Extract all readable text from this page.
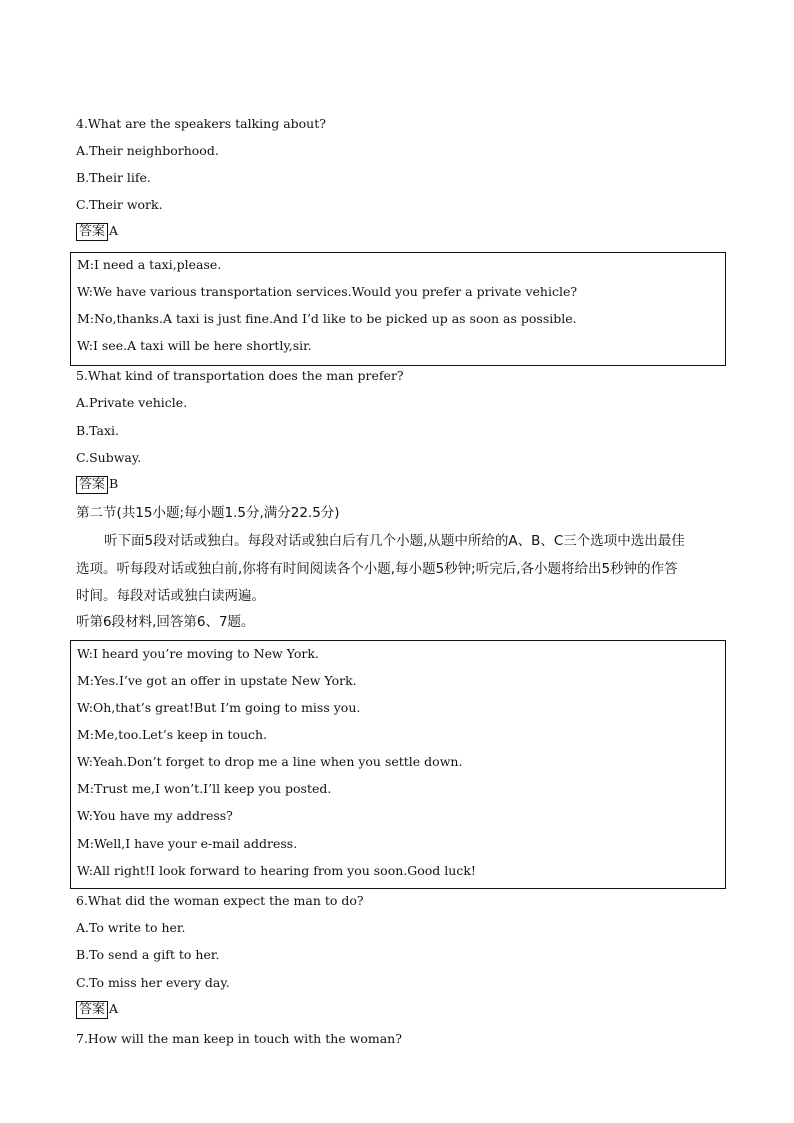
4.What are the speakers talking about?
A.Their neighborhood.
B.Their life.
C.Their work.
答案 A
M:I need a taxi,please.
W:We have various transportation services.Would you prefer a private vehicle?
M:No,thanks.A taxi is just fine.And I’d like to be picked up as soon as possible.
W:I see.A taxi will be here shortly,sir.
5.What kind of transportation does the man prefer?
A.Private vehicle.
B.Taxi.
C.Subway.
答案 B
第二节(共15小题;每小题1.5分,满分22.5分)
听下面5段对话或独白。每段对话或独白后有几个小题,从题中所给的A、B、C三个选项中选出最佳
选项。听每段对话或独白前,你将有时间阅读各个小题,每小题5秒钟;听完后,各小题将给出5秒钟的作答
时间。每段对话或独白读两遍。
听第6段材料,回答第6、7题。
W:I heard you’re moving to New York.
M:Yes.I’ve got an offer in upstate New York.
W:Oh,that’s great!But I’m going to miss you.
M:Me,too.Let’s keep in touch.
W:Yeah.Don’t forget to drop me a line when you settle down.
M:Trust me,I won’t.I’ll keep you posted.
W:You have my address?
M:Well,I have your e-mail address.
W:All right!I look forward to hearing from you soon.Good luck!
6.What did the woman expect the man to do?
A.To write to her.
B.To send a gift to her.
C.To miss her every day.
答案 A
7.How will the man keep in touch with the woman?
